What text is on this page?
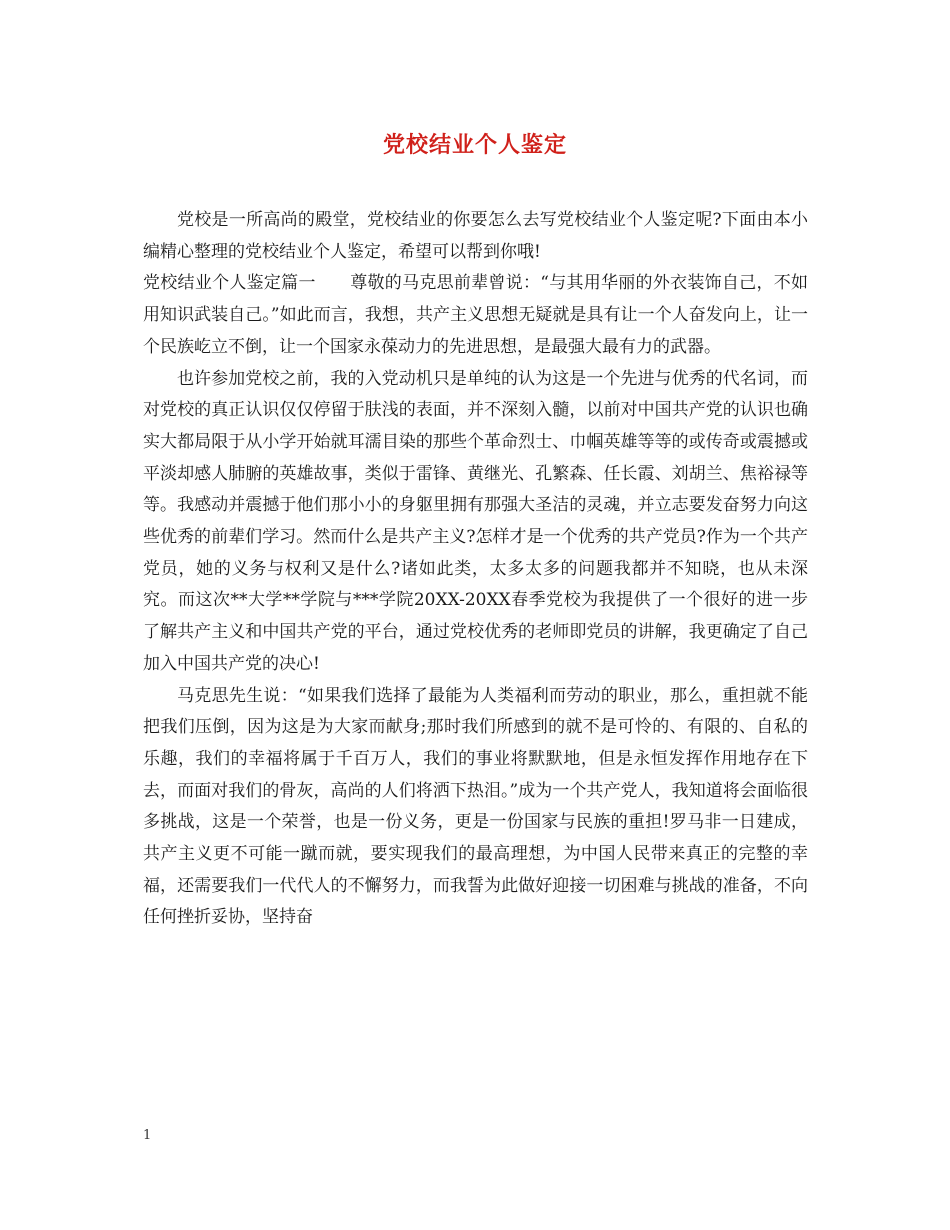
党校结业个人鉴定

党校是一所高尚的殿堂，党校结业的你要怎么去写党校结业个人鉴定呢?下面由本小编精心整理的党校结业个人鉴定，希望可以帮到你哦!

党校结业个人鉴定篇一　　尊敬的马克思前辈曾说：“与其用华丽的外衣装饰自己，不如用知识武装自己。”如此而言，我想，共产主义思想无疑就是具有让一个人奋发向上，让一个民族屹立不倒，让一个国家永葆动力的先进思想，是最强大最有力的武器。

也许参加党校之前，我的入党动机只是单纯的认为这是一个先进与优秀的代名词，而对党校的真正认识仅仅停留于肤浅的表面，并不深刻入髓，以前对中国共产党的认识也确实大都局限于从小学开始就耳濡目染的那些个革命烈士、巾帼英雄等等的或传奇或震撼或平淡却感人肺腑的英雄故事，类似于雷锋、黄继光、孔繁森、任长霞、刘胡兰、焦裕禄等等。我感动并震撼于他们那小小的身躯里拥有那强大圣洁的灵魂，并立志要发奋努力向这些优秀的前辈们学习。然而什么是共产主义?怎样才是一个优秀的共产党员?作为一个共产党员，她的义务与权利又是什么?诸如此类，太多太多的问题我都并不知晓，也从未深究。而这次**大学**学院与***学院20XX-20XX春季党校为我提供了一个很好的进一步了解共产主义和中国共产党的平台，通过党校优秀的老师即党员的讲解，我更确定了自己加入中国共产党的决心!

马克思先生说：“如果我们选择了最能为人类福利而劳动的职业，那么，重担就不能把我们压倒，因为这是为大家而献身;那时我们所感到的就不是可怜的、有限的、自私的乐趣，我们的幸福将属于千百万人，我们的事业将默默地，但是永恒发挥作用地存在下去，而面对我们的骨灰，高尚的人们将洒下热泪。”成为一个共产党人，我知道将会面临很多挑战，这是一个荣誉，也是一份义务，更是一份国家与民族的重担!罗马非一日建成，共产主义更不可能一蹴而就，要实现我们的最高理想，为中国人民带来真正的完整的幸福，还需要我们一代代人的不懈努力，而我誓为此做好迎接一切困难与挑战的准备，不向任何挫折妥协，坚持奋

1
